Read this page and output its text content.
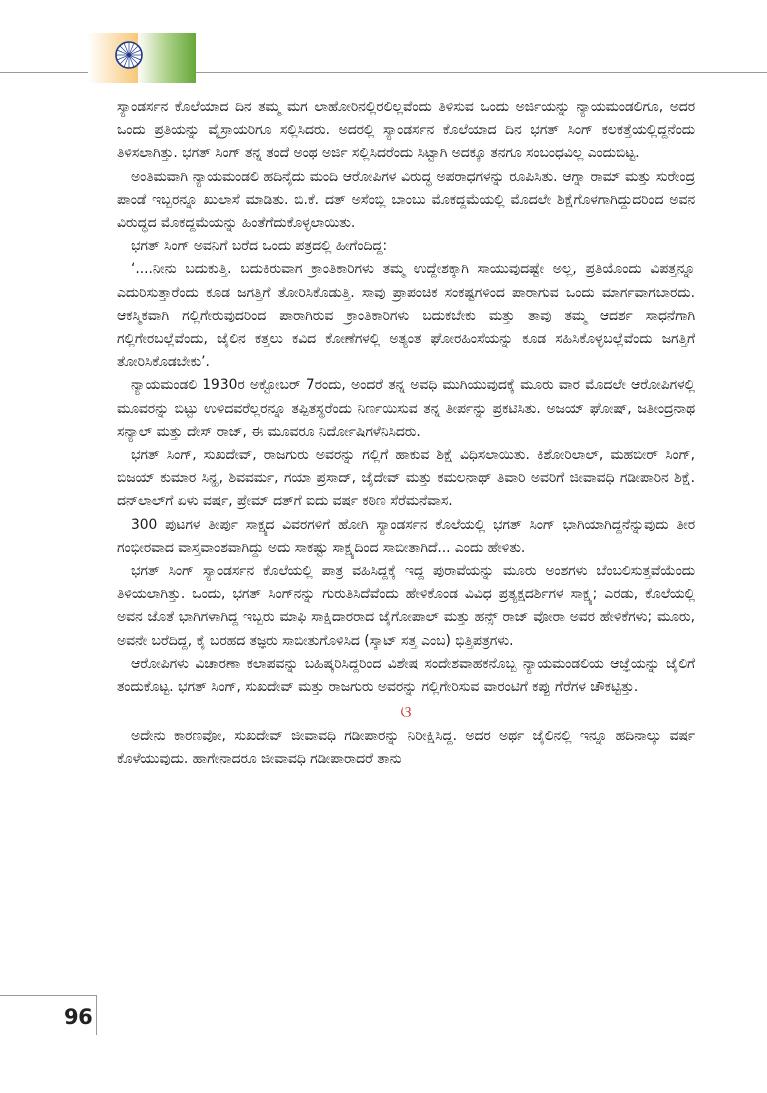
ಸ್ಯಾಂಡರ್ಸನ ಕೊಲೆಯಾದ ದಿನ ತಮ್ಮ ಮಗ ಲಾಹೋರಿನಲ್ಲಿರಲಿಲ್ಲವೆಂದು ತಿಳಿಸುವ ಒಂದು ಅರ್ಜಿಯನ್ನು ನ್ಯಾಯಮಂಡಲಿಗೂ, ಅದರ ಒಂದು ಪ್ರತಿಯನ್ನು ವೈಸ್ರಾಯರಿಗೂ ಸಲ್ಲಿಸಿದರು. ಅದರಲ್ಲಿ ಸ್ಯಾಂಡರ್ಸನ ಕೊಲೆಯಾದ ದಿನ ಭಗತ್ ಸಿಂಗ್ ಕಲಕತ್ತೆಯಲ್ಲಿದ್ದನೆಂದು ತಿಳಿಸಲಾಗಿತ್ತು. ಭಗತ್ ಸಿಂಗ್ ತನ್ನ ತಂದೆ ಅಂಥ ಅರ್ಜಿ ಸಲ್ಲಿಸಿದರೆಂದು ಸಿಟ್ಟಾಗಿ ಅದಕ್ಕೂ ತನಗೂ ಸಂಬಂಧವಿಲ್ಲ ಎಂದುಬಿಟ್ಟ.

ಅಂತಿಮವಾಗಿ ನ್ಯಾಯಮಂಡಲಿ ಹದಿನೈದು ಮಂದಿ ಆರೋಪಿಗಳ ವಿರುದ್ಧ ಅಪರಾಧಗಳನ್ನು ರೂಪಿಸಿತು. ಆಗ್ನಾ ರಾಮ್ ಮತ್ತು ಸುರೇಂದ್ರ ಪಾಂಡೆ ಇಬ್ಬರನ್ನೂ ಖುಲಾಸೆ ಮಾಡಿತು. ಬಿ.ಕೆ. ದತ್ ಅಸೆಂಬ್ಲಿ ಬಾಂಬು ಮೊಕದ್ದಮೆಯಲ್ಲಿ ಮೊದಲೇ ಶಿಕ್ಷೆಗೊಳಗಾಗಿದ್ದುದರಿಂದ ಅವನ ವಿರುದ್ಧದ ಮೊಕದ್ದಮೆಯನ್ನು ಹಿಂತೆಗೆದುಕೊಳ್ಳಲಾಯಿತು.

ಭಗತ್ ಸಿಂಗ್ ಅವನಿಗೆ ಬರೆದ ಒಂದು ಪತ್ರದಲ್ಲಿ ಹೀಗೆಂದಿದ್ದ:

‘....ನೀನು ಬದುಕುತ್ತಿ. ಬದುಕಿರುವಾಗ ಕ್ರಾಂತಿಕಾರಿಗಳು ತಮ್ಮ ಉದ್ದೇಶಕ್ಕಾಗಿ ಸಾಯುವುದಷ್ಟೇ ಅಲ್ಲ, ಪ್ರತಿಯೊಂದು ವಿಪತ್ತನ್ನೂ ಎದುರಿಸುತ್ತಾರೆಂದು ಕೂಡ ಜಗತ್ತಿಗೆ ತೋರಿಸಿಕೊಡುತ್ತಿ. ಸಾವು ಪ್ರಾಪಂಚಿಕ ಸಂಕಷ್ಟಗಳಿಂದ ಪಾರಾಗುವ ಒಂದು ಮಾರ್ಗವಾಗಬಾರದು. ಆಕಸ್ಮಿಕವಾಗಿ ಗಲ್ಲಿಗೇರುವುದರಿಂದ ಪಾರಾಗಿರುವ ಕ್ರಾಂತಿಕಾರಿಗಳು ಬದುಕಬೇಕು ಮತ್ತು ತಾವು ತಮ್ಮ ಆದರ್ಶ ಸಾಧನೆಗಾಗಿ ಗಲ್ಲಿಗೇರಬಲ್ಲೆವೆಂದು, ಜೈಲಿನ ಕತ್ತಲು ಕವಿದ ಕೋಣೆಗಳಲ್ಲಿ ಅತ್ಯಂತ ಘೋರಹಿಂಸೆಯನ್ನು ಕೂಡ ಸಹಿಸಿಕೊಳ್ಳಬಲ್ಲೆವೆಂದು ಜಗತ್ತಿಗೆ ತೋರಿಸಿಕೊಡಬೇಕು’.

ನ್ಯಾಯಮಂಡಲಿ 1930ರ ಅಕ್ಟೋಬರ್ 7ರಂದು, ಅಂದರೆ ತನ್ನ ಅವಧಿ ಮುಗಿಯುವುದಕ್ಕೆ ಮೂರು ವಾರ ಮೊದಲೇ ಆರೋಪಿಗಳಲ್ಲಿ ಮೂವರನ್ನು ಬಿಟ್ಟು ಉಳಿದವರೆಲ್ಲರನ್ನೂ ತಪ್ಪಿತಸ್ಥರೆಂದು ನಿರ್ಣಯಿಸುವ ತನ್ನ ತೀರ್ಪನ್ನು ಪ್ರಕಟಿಸಿತು. ಅಜಯ್ ಘೋಷ್, ಜತೀಂದ್ರನಾಥ ಸನ್ಯಾಲ್ ಮತ್ತು ದೇಸ್ ರಾಜ್, ಈ ಮೂವರೂ ನಿರ್ದೋಷಿಗಳೆನಿಸಿದರು.

ಭಗತ್ ಸಿಂಗ್, ಸುಖದೇವ್, ರಾಜಗುರು ಅವರನ್ನು ಗಲ್ಲಿಗೆ ಹಾಕುವ ಶಿಕ್ಷೆ ವಿಧಿಸಲಾಯಿತು. ಕಿಶೋರಿಲಾಲ್, ಮಹಬೀರ್ ಸಿಂಗ್, ಬಿಜಯ್ ಕುಮಾರ ಸಿನ್ಹ, ಶಿವವರ್ಮ, ಗಯಾ ಪ್ರಸಾದ್, ಜೈದೇವ್ ಮತ್ತು ಕಮಲನಾಥ್ ತಿವಾರಿ ಅವರಿಗೆ ಜೀವಾವಧಿ ಗಡೀಪಾರಿನ ಶಿಕ್ಷೆ. ದನ್‌ಲಾಲ್‌ಗೆ ಏಳು ವರ್ಷ, ಪ್ರೇಮ್ ದತ್‌ಗೆ ಐದು ವರ್ಷ ಕಠಿಣ ಸೆರೆಮನೆವಾಸ.

300 ಪುಟಗಳ ತೀರ್ಪು ಸಾಕ್ಷ್ಯದ ವಿವರಗಳಿಗೆ ಹೋಗಿ ಸ್ಯಾಂಡರ್ಸನ ಕೊಲೆಯಲ್ಲಿ ಭಗತ್ ಸಿಂಗ್ ಭಾಗಿಯಾಗಿದ್ದನೆನ್ನುವುದು ತೀರ ಗಂಭೀರವಾದ ವಾಸ್ತವಾಂಶವಾಗಿದ್ದು ಅದು ಸಾಕಷ್ಟು ಸಾಕ್ಷ್ಯದಿಂದ ಸಾಬೀತಾಗಿದೆ... ಎಂದು ಹೇಳಿತು.

ಭಗತ್ ಸಿಂಗ್ ಸ್ಯಾಂಡರ್ಸನ ಕೊಲೆಯಲ್ಲಿ ಪಾತ್ರ ವಹಿಸಿದ್ದಕ್ಕೆ ಇದ್ದ ಪುರಾವೆಯನ್ನು ಮೂರು ಅಂಶಗಳು ಬೆಂಬಲಿಸುತ್ತವೆಯೆಂದು ತಿಳಿಯಲಾಗಿತ್ತು. ಒಂದು, ಭಗತ್ ಸಿಂಗ್‌ನನ್ನು ಗುರುತಿಸಿದೆವೆಂದು ಹೇಳಿಕೊಂಡ ವಿವಿಧ ಪ್ರತ್ಯಕ್ಷದರ್ಶಿಗಳ ಸಾಕ್ಷ್ಯ; ಎರಡು, ಕೊಲೆಯಲ್ಲಿ ಅವನ ಜೊತೆ ಭಾಗಿಗಳಾಗಿದ್ದ ಇಬ್ಬರು ಮಾಫಿ ಸಾಕ್ಷಿದಾರರಾದ ಜೈಗೋಪಾಲ್ ಮತ್ತು ಹನ್ಸ್ ರಾಜ್ ವೋರಾ ಅವರ ಹೇಳಿಕೆಗಳು; ಮೂರು, ಅವನೇ ಬರೆದಿದ್ದ, ಕೈ ಬರಹದ ತಜ್ಞರು ಸಾಬೀತುಗೊಳಿಸಿದ (ಸ್ಕಾಟ್ ಸತ್ತ ಎಂಬ) ಭಿತ್ತಿಪತ್ರಗಳು.

ಆರೋಪಿಗಳು ವಿಚಾರಣಾ ಕಲಾಪವನ್ನು ಬಹಿಷ್ಕರಿಸಿದ್ದರಿಂದ ವಿಶೇಷ ಸಂದೇಶವಾಹಕನೊಬ್ಬ ನ್ಯಾಯಮಂಡಲಿಯ ಆಜ್ಞೆಯನ್ನು ಜೈಲಿಗೆ ತಂದುಕೊಟ್ಟ. ಭಗತ್ ಸಿಂಗ್, ಸುಖದೇವ್ ಮತ್ತು ರಾಜಗುರು ಅವರನ್ನು ಗಲ್ಲಿಗೇರಿಸುವ ವಾರಂಟಿಗೆ ಕಪ್ಪು ಗೆರೆಗಳ ಚೌಕಟ್ಟಿತ್ತು.

ଓ

ಅದೇನು ಕಾರಣವೋ, ಸುಖದೇವ್ ಜೀವಾವಧಿ ಗಡೀಪಾರನ್ನು ನಿರೀಕ್ಷಿಸಿದ್ದ. ಅದರ ಅರ್ಥ ಜೈಲಿನಲ್ಲಿ ಇನ್ನೂ ಹದಿನಾಲ್ಕು ವರ್ಷ ಕೊಳೆಯುವುದು. ಹಾಗೇನಾದರೂ ಜೀವಾವಧಿ ಗಡೀಪಾರಾದರೆ ತಾನು

96
